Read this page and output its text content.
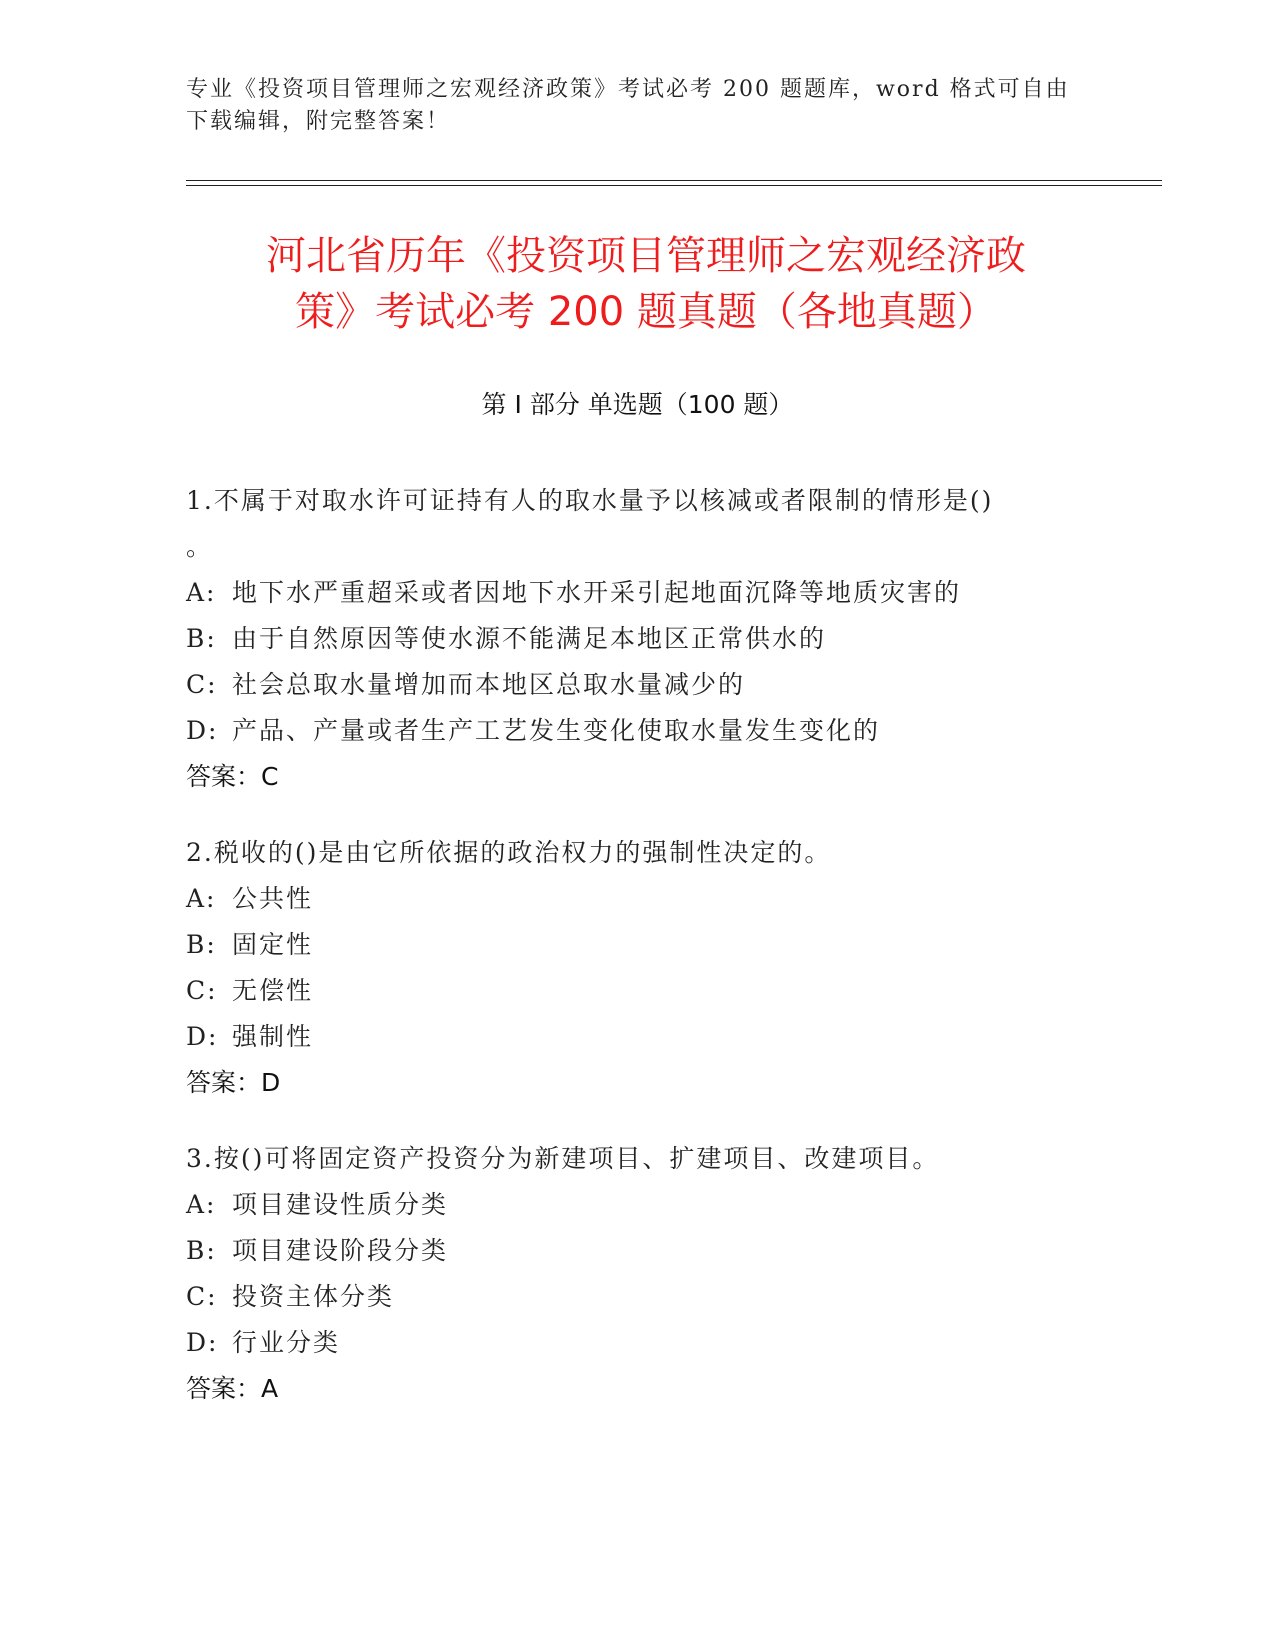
专业《投资项目管理师之宏观经济政策》考试必考 200 题题库，word 格式可自由
下载编辑，附完整答案！
河北省历年《投资项目管理师之宏观经济政
策》考试必考 200 题真题（各地真题）
第 I 部分 单选题（100 题）
1.不属于对取水许可证持有人的取水量予以核减或者限制的情形是()
。
A: 地下水严重超采或者因地下水开采引起地面沉降等地质灾害的
B: 由于自然原因等使水源不能满足本地区正常供水的
C: 社会总取水量增加而本地区总取水量减少的
D: 产品、产量或者生产工艺发生变化使取水量发生变化的
答案：C
2.税收的()是由它所依据的政治权力的强制性决定的。
A: 公共性
B: 固定性
C: 无偿性
D: 强制性
答案：D
3.按()可将固定资产投资分为新建项目、扩建项目、改建项目。
A: 项目建设性质分类
B: 项目建设阶段分类
C: 投资主体分类
D: 行业分类
答案：A
